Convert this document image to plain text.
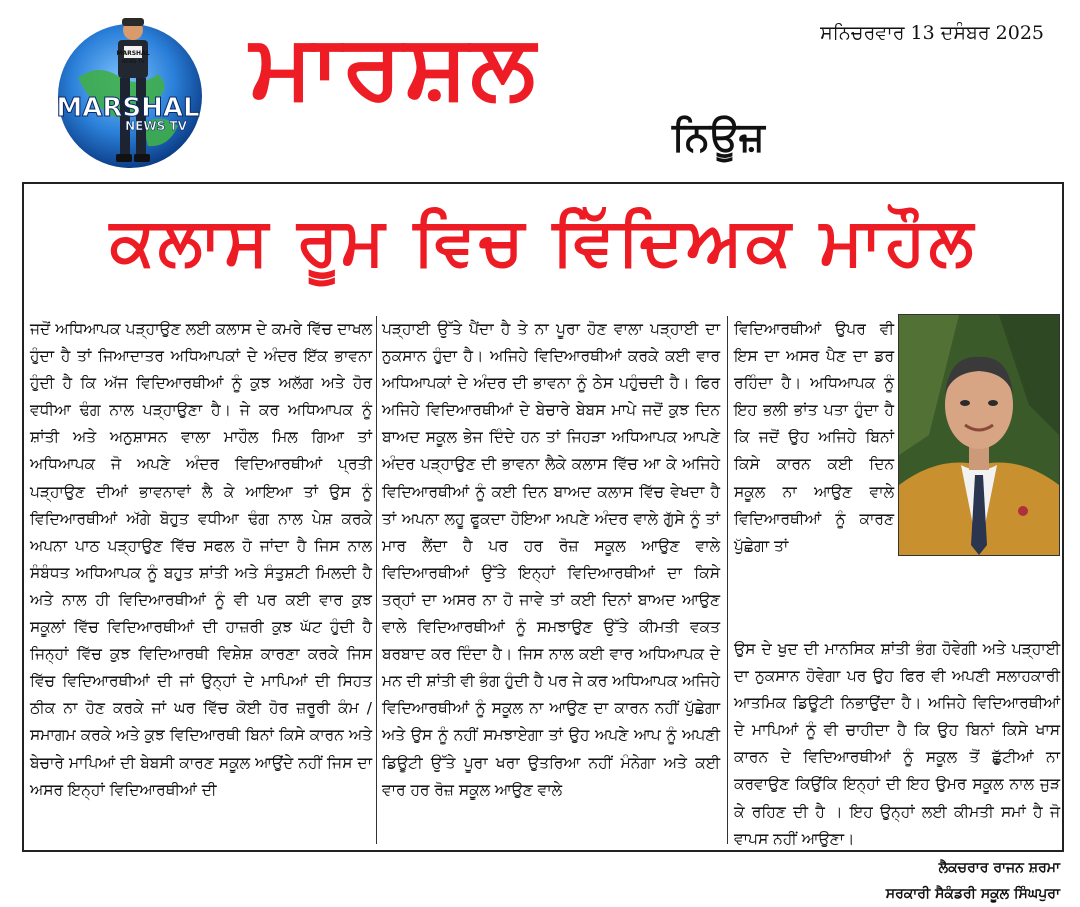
MARSHAL
NEWS TV
MARSHAL
NEWS TV
ਮਾਰਸ਼ਲ
ਨਿਊਜ਼
ਸਨਿਚਰਵਾਰ 13 ਦਸੰਬਰ 2025
ਕਲਾਸ ਰੂਮ ਵਿਚ ਵਿੱਦਿਅਕ ਮਾਹੌਲ

ਜਦੋਂ ਅਧਿਆਪਕ ਪੜ੍ਹਾਉਣ ਲਈ ਕਲਾਸ ਦੇ ਕਮਰੇ ਵਿੱਚ ਦਾਖਲ ਹੁੰਦਾ ਹੈ ਤਾਂ ਜਿਆਦਾਤਰ ਅਧਿਆਪਕਾਂ ਦੇ ਅੰਦਰ ਇੱਕ ਭਾਵਨਾ ਹੁੰਦੀ ਹੈ ਕਿ ਅੱਜ ਵਿਦਿਆਰਥੀਆਂ ਨੂੰ ਕੁਝ ਅਲੱਗ ਅਤੇ ਹੋਰ ਵਧੀਆ ਢੰਗ ਨਾਲ ਪੜ੍ਹਾਉਣਾ ਹੈ। ਜੇ ਕਰ ਅਧਿਆਪਕ ਨੂੰ ਸ਼ਾਂਤੀ ਅਤੇ ਅਨੁਸ਼ਾਸਨ ਵਾਲਾ ਮਾਹੌਲ ਮਿਲ ਗਿਆ ਤਾਂ ਅਧਿਆਪਕ ਜੋ ਅਪਣੇ ਅੰਦਰ ਵਿਦਿਆਰਥੀਆਂ ਪ੍ਰਤੀ ਪੜ੍ਹਾਉਣ ਦੀਆਂ ਭਾਵਨਾਵਾਂ ਲੈ ਕੇ ਆਇਆ ਤਾਂ ਉਸ ਨੂੰ ਵਿਦਿਆਰਥੀਆਂ ਅੱਗੇ ਬੋਹੁਤ ਵਧੀਆ ਢੰਗ ਨਾਲ ਪੇਸ਼ ਕਰਕੇ ਅਪਨਾ ਪਾਠ ਪੜ੍ਹਾਉਣ ਵਿੱਚ ਸਫਲ ਹੋ ਜਾਂਦਾ ਹੈ ਜਿਸ ਨਾਲ ਸੰਬੰਧਤ ਅਧਿਆਪਕ ਨੂੰ ਬਹੁਤ ਸ਼ਾਂਤੀ ਅਤੇ ਸੰਤੁਸ਼ਟੀ ਮਿਲਦੀ ਹੈ ਅਤੇ ਨਾਲ ਹੀ ਵਿਦਿਆਰਥੀਆਂ ਨੂੰ ਵੀ ਪਰ ਕਈ ਵਾਰ ਕੁਝ ਸਕੂਲਾਂ ਵਿੱਚ ਵਿਦਿਆਰਥੀਆਂ ਦੀ ਹਾਜ਼ਰੀ ਕੁਝ ਘੱਟ ਹੁੰਦੀ ਹੈ ਜਿਨ੍ਹਾਂ ਵਿੱਚ ਕੁਝ ਵਿਦਿਆਰਥੀ ਵਿਸ਼ੇਸ਼ ਕਾਰਣਾ ਕਰਕੇ ਜਿਸ ਵਿੱਚ ਵਿਦਿਆਰਥੀਆਂ ਦੀ ਜਾਂ ਉਨ੍ਹਾਂ ਦੇ ਮਾਪਿਆਂ ਦੀ ਸਿਹਤ ਠੀਕ ਨਾ ਹੋਣ ਕਰਕੇ ਜਾਂ ਘਰ ਵਿੱਚ ਕੋਈ ਹੋਰ ਜ਼ਰੂਰੀ ਕੰਮ /ਸਮਾਗਮ ਕਰਕੇ ਅਤੇ ਕੁਝ ਵਿਦਿਆਰਥੀ ਬਿਨਾਂ ਕਿਸੇ ਕਾਰਨ ਅਤੇ ਬੇਚਾਰੇ ਮਾਪਿਆਂ ਦੀ ਬੇਬਸੀ ਕਾਰਣ ਸਕੂਲ ਆਉਂਦੇ ਨਹੀਂ ਜਿਸ ਦਾ ਅਸਰ ਇਨ੍ਹਾਂ ਵਿਦਿਆਰਥੀਆਂ ਦੀ

ਪੜ੍ਹਾਈ ਉੱਤੇ ਪੈਂਦਾ ਹੈ ਤੇ ਨਾ ਪੂਰਾ ਹੋਣ ਵਾਲਾ ਪੜ੍ਹਾਈ ਦਾ ਨੁਕਸਾਨ ਹੁੰਦਾ ਹੈ। ਅਜਿਹੇ ਵਿਦਿਆਰਥੀਆਂ ਕਰਕੇ ਕਈ ਵਾਰ ਅਧਿਆਪਕਾਂ ਦੇ ਅੰਦਰ ਦੀ ਭਾਵਨਾ ਨੂੰ ਠੇਸ ਪਹੁੰਚਦੀ ਹੈ। ਫਿਰ ਅਜਿਹੇ ਵਿਦਿਆਰਥੀਆਂ ਦੇ ਬੇਚਾਰੇ ਬੇਬਸ ਮਾਪੇ ਜਦੋਂ ਕੁਝ ਦਿਨ ਬਾਅਦ ਸਕੂਲ ਭੇਜ ਦਿੰਦੇ ਹਨ ਤਾਂ ਜਿਹੜਾ ਅਧਿਆਪਕ ਆਪਣੇ ਅੰਦਰ ਪੜ੍ਹਾਉਣ ਦੀ ਭਾਵਨਾ ਲੈਕੇ ਕਲਾਸ ਵਿੱਚ ਆ ਕੇ ਅਜਿਹੇ ਵਿਦਿਆਰਥੀਆਂ ਨੂੰ ਕਈ ਦਿਨ ਬਾਅਦ ਕਲਾਸ ਵਿੱਚ ਵੇਖਦਾ ਹੈ ਤਾਂ ਅਪਨਾ ਲਹੂ ਫੂਕਦਾ ਹੋਇਆ ਅਪਣੇ ਅੰਦਰ ਵਾਲੇ ਗੁੱਸੇ ਨੂੰ ਤਾਂ ਮਾਰ ਲੈਂਦਾ ਹੈ ਪਰ ਹਰ ਰੋਜ਼ ਸਕੂਲ ਆਉਣ ਵਾਲੇ ਵਿਦਿਆਰਥੀਆਂ ਉੱਤੇ ਇਨ੍ਹਾਂ ਵਿਦਿਆਰਥੀਆਂ ਦਾ ਕਿਸੇ ਤਰ੍ਹਾਂ ਦਾ ਅਸਰ ਨਾ ਹੋ ਜਾਵੇ ਤਾਂ ਕਈ ਦਿਨਾਂ ਬਾਅਦ ਆਉਣ ਵਾਲੇ ਵਿਦਿਆਰਥੀਆਂ ਨੂੰ ਸਮਝਾਉਣ ਉੱਤੇ ਕੀਮਤੀ ਵਕਤ ਬਰਬਾਦ ਕਰ ਦਿੰਦਾ ਹੈ। ਜਿਸ ਨਾਲ ਕਈ ਵਾਰ ਅਧਿਆਪਕ ਦੇ ਮਨ ਦੀ ਸ਼ਾਂਤੀ ਵੀ ਭੰਗ ਹੁੰਦੀ ਹੈ ਪਰ ਜੇ ਕਰ ਅਧਿਆਪਕ ਅਜਿਹੇ ਵਿਦਿਆਰਥੀਆਂ ਨੂੰ ਸਕੂਲ ਨਾ ਆਉਣ ਦਾ ਕਾਰਨ ਨਹੀਂ ਪੁੱਛੇਗਾ ਅਤੇ ਉਸ ਨੂੰ ਨਹੀਂ ਸਮਝਾਏਗਾ ਤਾਂ ਉਹ ਅਪਣੇ ਆਪ ਨੂੰ ਅਪਣੀ ਡਿਊਟੀ ਉੱਤੇ ਪੂਰਾ ਖਰਾ ਉਤਰਿਆ ਨਹੀਂ ਮੰਨੇਗਾ ਅਤੇ ਕਈ ਵਾਰ ਹਰ ਰੋਜ਼ ਸਕੂਲ ਆਉਣ ਵਾਲੇ

ਵਿਦਿਆਰਥੀਆਂ ਉਪਰ ਵੀ ਇਸ ਦਾ ਅਸਰ ਪੈਣ ਦਾ ਡਰ ਰਹਿੰਦਾ ਹੈ। ਅਧਿਆਪਕ ਨੂੰ ਇਹ ਭਲੀ ਭਾਂਤ ਪਤਾ ਹੁੰਦਾ ਹੈ ਕਿ ਜਦੋਂ ਉਹ ਅਜਿਹੇ ਬਿਨਾਂ ਕਿਸੇ ਕਾਰਨ ਕਈ ਦਿਨ ਸਕੂਲ ਨਾ ਆਉਣ ਵਾਲੇ ਵਿਦਿਆਰਥੀਆਂ ਨੂੰ ਕਾਰਣ ਪੁੱਛੇਗਾ ਤਾਂ

ਉਸ ਦੇ ਖੁਦ ਦੀ ਮਾਨਸਿਕ ਸ਼ਾਂਤੀ ਭੰਗ ਹੋਵੇਗੀ ਅਤੇ ਪੜ੍ਹਾਈ ਦਾ ਨੁਕਸਾਨ ਹੋਵੇਗਾ ਪਰ ਉਹ ਫਿਰ ਵੀ ਅਪਣੀ ਸਲਾਹਕਾਰੀ ਆਤਮਿਕ ਡਿਊਟੀ ਨਿਭਾਉਂਦਾ ਹੈ। ਅਜਿਹੇ ਵਿਦਿਆਰਥੀਆਂ ਦੇ ਮਾਪਿਆਂ ਨੂੰ ਵੀ ਚਾਹੀਦਾ ਹੈ ਕਿ ਉਹ ਬਿਨਾਂ ਕਿਸੇ ਖਾਸ ਕਾਰਨ ਦੇ ਵਿਦਿਆਰਥੀਆਂ ਨੂੰ ਸਕੂਲ ਤੋਂ ਛੁੱਟੀਆਂ ਨਾ ਕਰਵਾਉਣ ਕਿਉਂਕਿ ਇਨ੍ਹਾਂ ਦੀ ਇਹ ਉਮਰ ਸਕੂਲ ਨਾਲ ਜੁੜ ਕੇ ਰਹਿਣ ਦੀ ਹੈ । ਇਹ ਉਨ੍ਹਾਂ ਲਈ ਕੀਮਤੀ ਸਮਾਂ ਹੈ ਜੋ ਵਾਪਸ ਨਹੀਂ ਆਉਣਾ।

ਲੈਕਚਰਾਰ ਰਾਜਨ ਸ਼ਰਮਾ
ਸਰਕਾਰੀ ਸੈਕੰਡਰੀ ਸਕੂਲ ਸਿੰਘਪੁਰਾ
